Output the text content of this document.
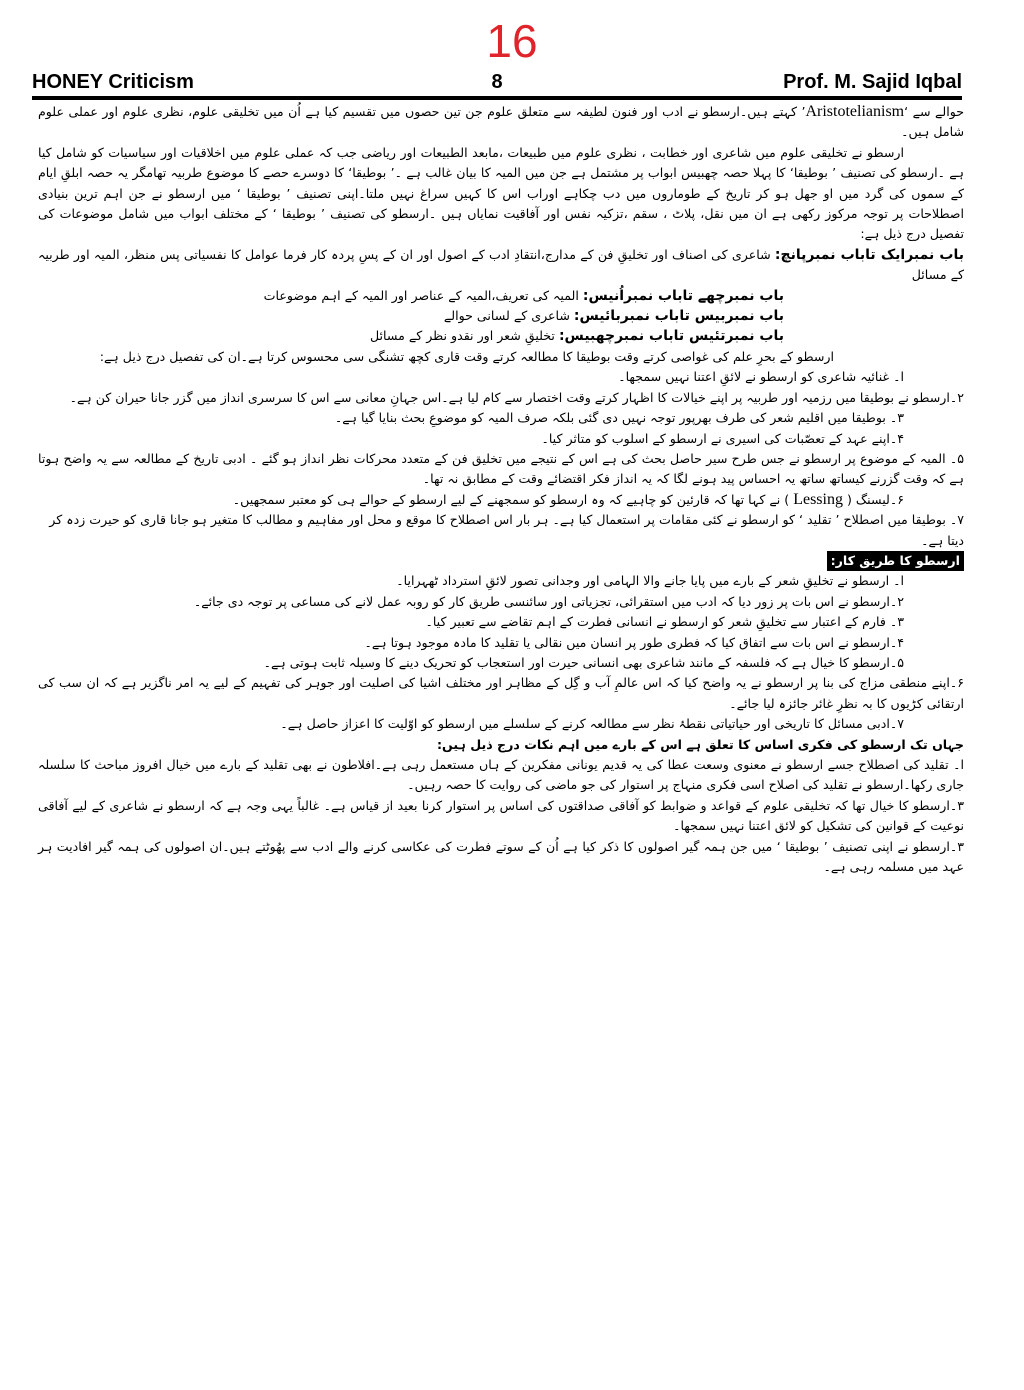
16
HONEY Criticism	8	Prof. M. Sajid Iqbal

حوالے سے ‘Aristotelianism’ کہتے ہیں۔ارسطو نے ادب اور فنون لطیفہ سے متعلق علوم جن تین حصوں میں تقسیم کیا ہے اُن میں تخلیقی علوم، نظری علوم اور عملی علوم شامل ہیں۔

ارسطو نے تخلیقی علوم میں شاعری اور خطابت ، نظری علوم میں طبیعات ،مابعد الطبیعات اور ریاضی جب کہ عملی علوم میں اخلاقیات اور سیاسیات کو شامل کیا ہے ۔ارسطو کی تصنیف ’ بوطیقا‘ کا پہلا حصہ چھبیس ابواب پر مشتمل ہے جن میں المیہ کا بیان غالب ہے ۔’ بوطیقا‘ کا دوسرے حصے کا موضوع طربیہ تھامگر یہ حصہ ابلقِ ایام کے سموں کی گرد میں او جھل ہو کر تاریخ کے طوماروں میں دب چکاہے اوراب اس کا کہیں سراغ نہیں ملتا۔اپنی تصنیف ’ بوطیقا ‘ میں ارسطو نے جن اہم ترین بنیادی اصطلاحات پر توجہ مرکوز رکھی ہے ان میں نقل، پلاٹ ، سقم ،تزکیہ نفس اور آفاقیت نمایاں ہیں ۔ارسطو کی تصنیف ’ بوطیقا ‘ کے مختلف ابواب میں شامل موضوعات کی تفصیل درج ذیل ہے:

باب نمبرایک تاباب نمبرپانچ: شاعری کی اصناف اور تخلیقِ فن کے مدارج،انتقادِ ادب کے اصول اور ان کے پسِ پردہ کار فرما عوامل کا نفسیاتی پس منظر، المیہ اور طربیہ کے مسائل

باب نمبرچھے تاباب نمبراُنیس: المیہ کی تعریف،المیہ کے عناصر اور المیہ کے اہم موضوعات

باب نمبربیس تاباب نمبربائیس: شاعری کے لسانی حوالے

باب نمبرتئیس تاباب نمبرچھبیس: تخلیقِ شعر اور نقدو نظر کے مسائل

ارسطو کے بحرِ علم کی غواصی کرتے وقت بوطیقا کا مطالعہ کرتے وقت قاری کچھ تشنگی سی محسوس کرتا ہے۔ان کی تفصیل درج ذیل ہے:

ا۔ غنائیہ شاعری کو ارسطو نے لائقِ اعتنا نہیں سمجھا۔

۲۔ارسطو نے بوطیقا میں رزمیہ اور طربیہ پر اپنے خیالات کا اظہار کرتے وقت اختصار سے کام لیا ہے۔اس جہانِ معانی سے اس کا سرسری انداز میں گزر جانا حیران کن ہے۔

۳۔ بوطیقا میں اقلیم شعر کی طرف بھرپور توجہ نہیں دی گئی بلکہ صرف المیہ کو موضوعِ بحث بنایا گیا ہے۔

۴۔اپنے عہد کے تعصّبات کی اسیری نے ارسطو کے اسلوب کو متاثر کیا۔

۵۔ المیہ کے موضوع پر ارسطو نے جس طرح سیر حاصل بحث کی ہے اس کے نتیجے میں تخلیق فن کے متعدد محرکات نظر انداز ہو گئے ۔ ادبی تاریخ کے مطالعہ سے یہ واضح ہوتا ہے کہ وقت گزرنے کیساتھ ساتھ یہ احساس پید ہونے لگا کہ یہ انداز فکر اقتضائے وقت کے مطابق نہ تھا۔

۶۔لیسنگ ( Lessing ) نے کہا تھا کہ قارئین کو چاہیے کہ وہ ارسطو کو سمجھنے کے لیے ارسطو کے حوالے ہی کو معتبر سمجھیں۔

۷۔ بوطیقا میں اصطلاح ’ تقلید ‘ کو ارسطو نے کئی مقامات پر استعمال کیا ہے۔ ہر بار اس اصطلاح کا موقع و محل اور مفاہیم و مطالب کا متغیر ہو جانا قاری کو حیرت زدہ کر دیتا ہے۔

ارسطو کا طریق کار:

ا۔ ارسطو نے تخلیقِ شعر کے بارے میں پایا جانے والا الہامی اور وجدانی تصور لائقِ استرداد ٹھہرایا۔

۲۔ارسطو نے اس بات پر زور دیا کہ ادب میں استقرائی، تجزیاتی اور سائنسی طریق کار کو روبہ عمل لانے کی مساعی پر توجہ دی جائے۔

۳۔ فارم کے اعتبار سے تخلیقِ شعر کو ارسطو نے انسانی فطرت کے اہم تقاضے سے تعبیر کیا۔

۴۔ارسطو نے اس بات سے اتفاق کیا کہ فطری طور پر انسان میں نقالی یا تقلید کا مادہ موجود ہوتا ہے۔

۵۔ارسطو کا خیال ہے کہ فلسفہ کے مانند شاعری بھی انسانی حیرت اور استعجاب کو تحریک دینے کا وسیلہ ثابت ہوتی ہے۔

۶۔اپنے منطقی مزاج کی بنا پر ارسطو نے یہ واضح کیا کہ اس عالمِ آب و گِل کے مظاہر اور مختلف اشیا کی اصلیت اور جوہر کی تفہیم کے لیے یہ امر ناگزیر ہے کہ ان سب کی ارتقائی کڑیوں کا بہ نظرِ غائر جائزہ لیا جائے۔

۷۔ادبی مسائل کا تاریخی اور حیاتیاتی نقطۂ نظر سے مطالعہ کرنے کے سلسلے میں ارسطو کو اوّلیت کا اعزاز حاصل ہے۔

جہاں تک ارسطو کی فکری اساس کا تعلق ہے اس کے بارے میں اہم نکات درج ذیل ہیں:

ا۔ تقلید کی اصطلاح جسے ارسطو نے معنوی وسعت عطا کی یہ قدیم یونانی مفکرین کے ہاں مستعمل رہی ہے۔افلاطون نے بھی تقلید کے بارے میں خیال افروز مباحث کا سلسلہ جاری رکھا۔ارسطو نے تقلید کی اصلاح اسی فکری منہاج پر استوار کی جو ماضی کی روایت کا حصہ رہیں۔

۳۔ارسطو کا خیال تھا کہ تخلیقی علوم کے قواعد و ضوابط کو آفاقی صداقتوں کی اساس پر استوار کرنا بعید از قیاس ہے۔ غالباً یہی وجہ ہے کہ ارسطو نے شاعری کے لیے آفاقی نوعیت کے قوانین کی تشکیل کو لائق اعتنا نہیں سمجھا۔

۳۔ارسطو نے اپنی تصنیف ’ بوطیقا ‘ میں جن ہمہ گیر اصولوں کا ذکر کیا ہے اُن کے سوتے فطرت کی عکاسی کرنے والے ادب سے پھُوٹتے ہیں۔ان اصولوں کی ہمہ گیر افادیت ہر عہد میں مسلمہ رہی ہے۔
